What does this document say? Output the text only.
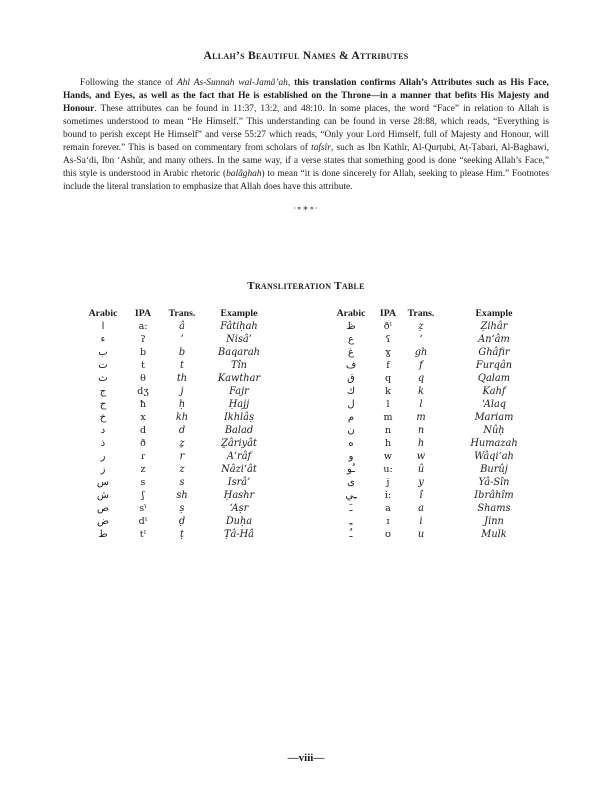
Allah’s Beautiful Names & Attributes

Following the stance of Ahl As-Sunnah wal-Jamâ’ah, this translation confirms Allah’s Attributes such as His Face, Hands, and Eyes, as well as the fact that He is established on the Throne—in a manner that befits His Majesty and Honour. These attributes can be found in 11:37, 13:2, and 48:10. In some places, the word “Face” in relation to Allah is sometimes understood to mean “He Himself.” This understanding can be found in verse 28:88, which reads, “Everything is bound to perish except He Himself” and verse 55:27 which reads, “Only your Lord Himself, full of Majesty and Honour, will remain forever.” This is based on commentary from scholars of tafsîr, such as Ibn Kathîr, Al-Qurṭubi, Aṭ-Ṭabari, Al-Baghawi, As-Sa‘di, Ibn ‘Ashûr, and many others. In the same way, if a verse states that something good is done “seeking Allah’s Face,” this style is understood in Arabic rhetoric (balâghah) to mean “it is done sincerely for Allah, seeking to please Him.” Footnotes include the literal translation to emphasize that Allah does have this attribute.

∙∘∗∘∙
Transliteration Table
Arabic	IPA	Trans.	Example
ا	a:	â	Fâtiḥah
ء	ʔ	’	Nisâ’
ب	b	b	Baqarah
ت	t	t	Tîn
ث	θ	th	Kawthar
ج	dʒ	j	Fajr
ح	ħ	ḥ	Ḥajj
خ	x	kh	Ikhlâṣ
د	d	d	Balad
ذ	ð	ẕ	Ẕâriyât
ر	ɾ	r	A‘râf
ز	z	z	Nâzi‘ât
س	s	s	Isrâ’
ش	ʃ	sh	Ḥashr
ص	sˤ	ṣ	‘Aṣr
ض	dˤ	ḍ	Duḥa
ط	tˤ	ṭ	Ṭâ-Hâ
Arabic	IPA	Trans.	Example
ظ	ðˤ	ẓ	Ẓihâr
ع	ʕ	‘	An‘âm
غ	ɣ	gh	Ghâfir
ف	f	f	Furqân
ق	q	q	Qalam
ك	k	k	Kahf
ل	l	l	‘Alaq
م	m	m	Mariam
ن	n	n	Nûḥ
ه	h	h	Humazah
و	w	w	Wâqi‘ah
ـُو	u:	û	Burûj
ى	j	y	Yâ-Sîn
ـِي	i:	î	Ibrâhîm
ـَ	a	a	Shams
ـِ	ɪ	i	Jinn
ـُ	ʊ	u	Mulk
—viii—
